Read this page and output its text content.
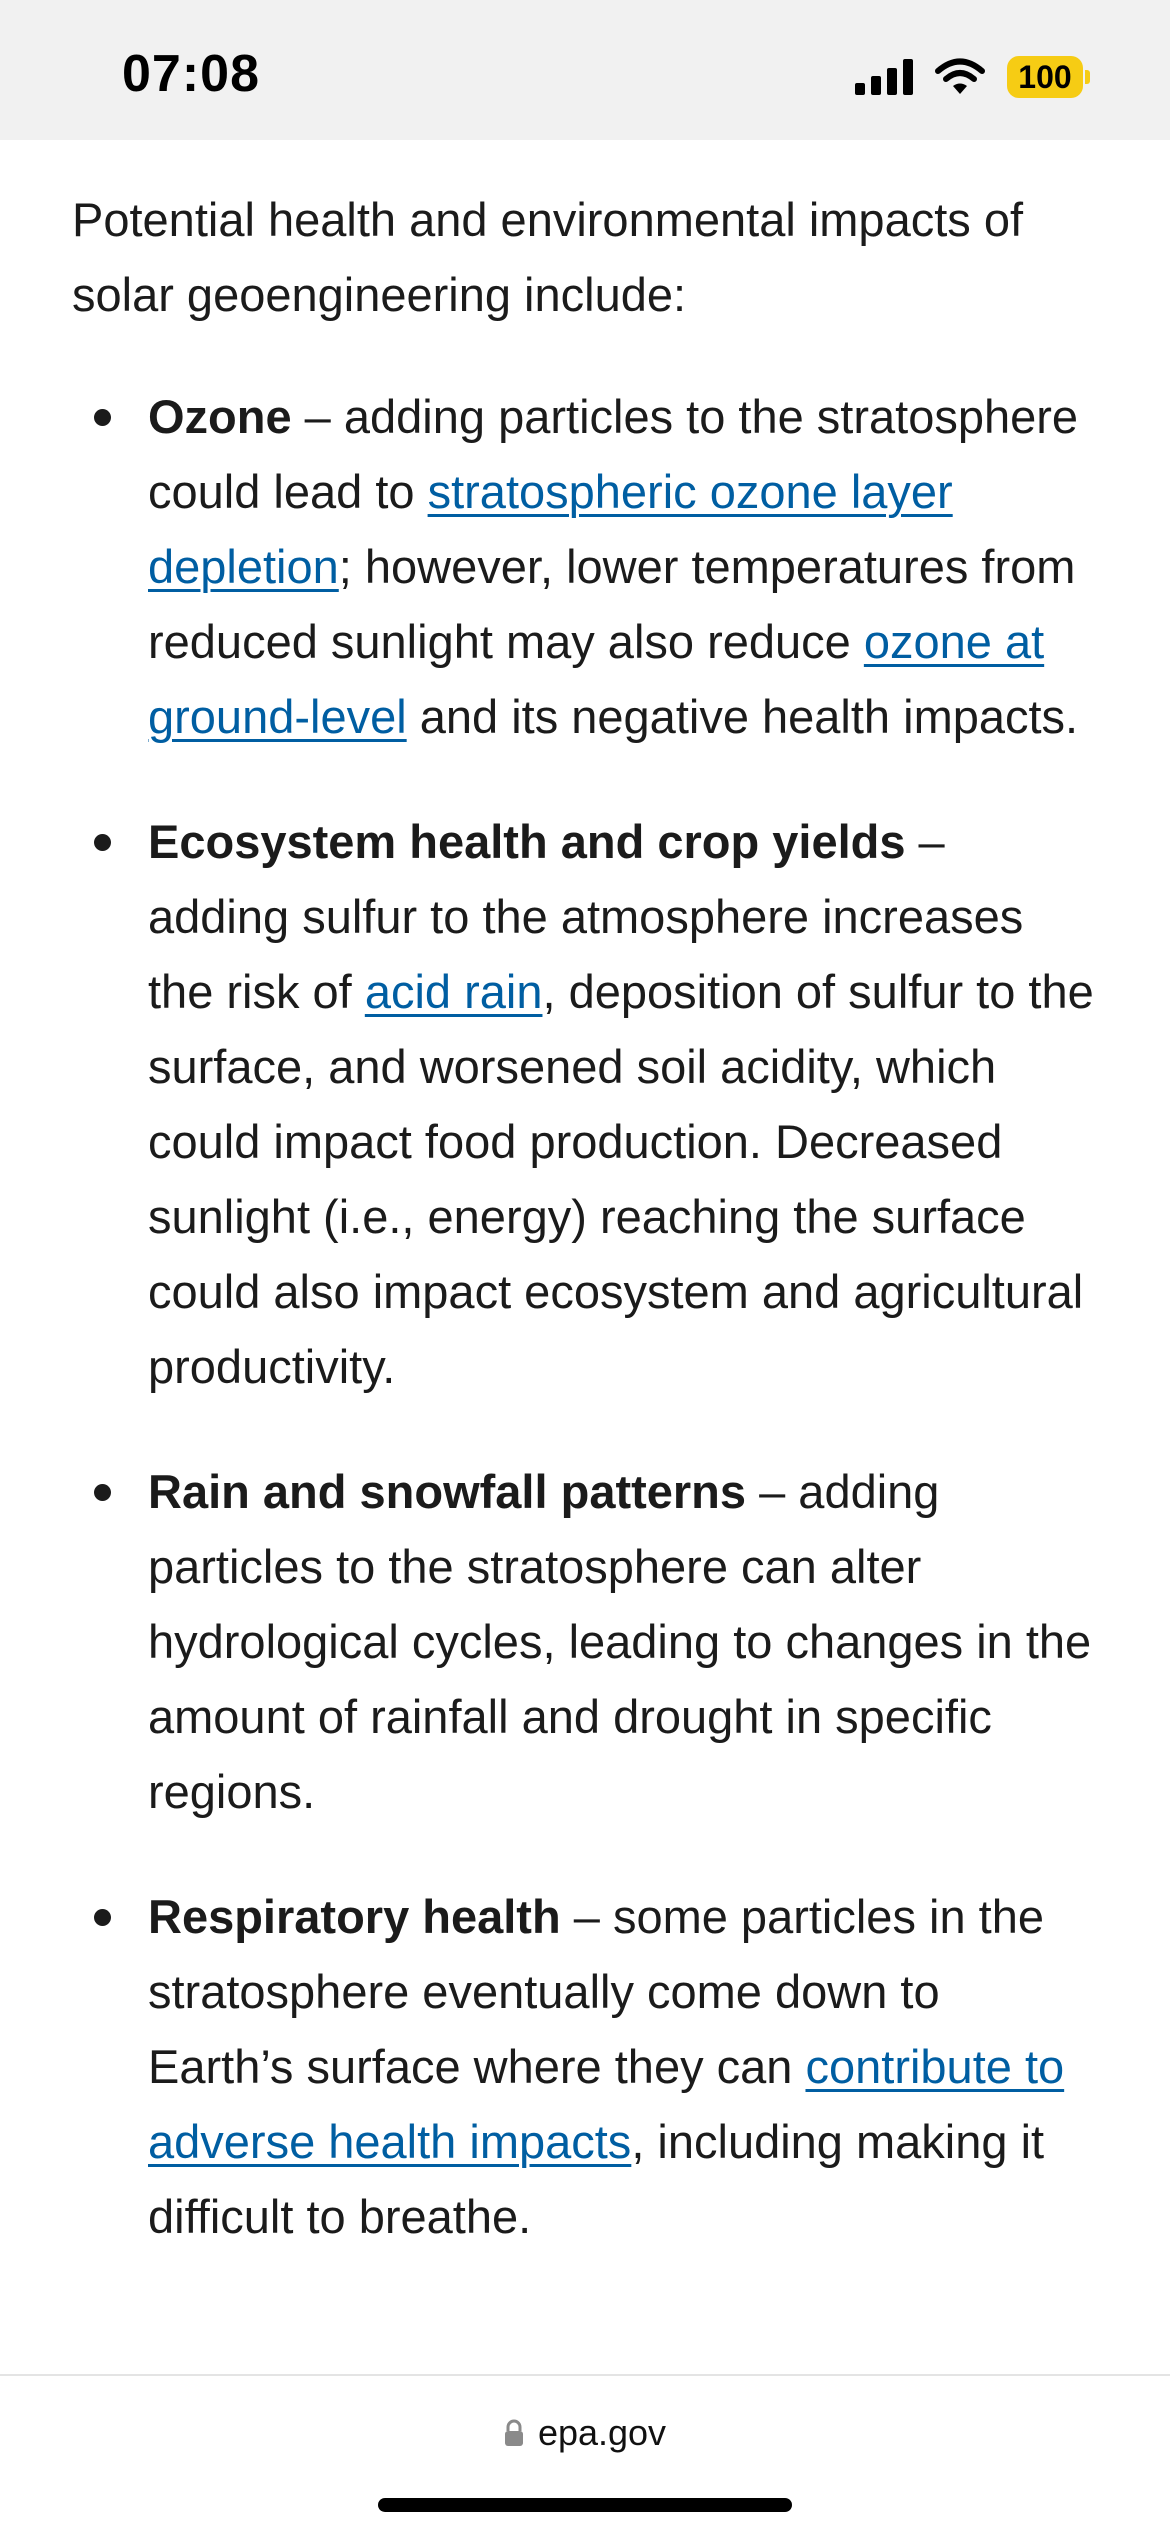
07:08	100

Potential health and environmental impacts of solar geoengineering include:

Ozone – adding particles to the stratosphere could lead to stratospheric ozone layer depletion; however, lower temperatures from reduced sunlight may also reduce ozone at ground-level and its negative health impacts.
Ecosystem health and crop yields – adding sulfur to the atmosphere increases the risk of acid rain, deposition of sulfur to the surface, and worsened soil acidity, which could impact food production. Decreased sunlight (i.e., energy) reaching the surface could also impact ecosystem and agricultural productivity.
Rain and snowfall patterns – adding particles to the stratosphere can alter hydrological cycles, leading to changes in the amount of rainfall and drought in specific regions.
Respiratory health – some particles in the stratosphere eventually come down to Earth’s surface where they can contribute to adverse health impacts, including making it difficult to breathe.
epa.gov
